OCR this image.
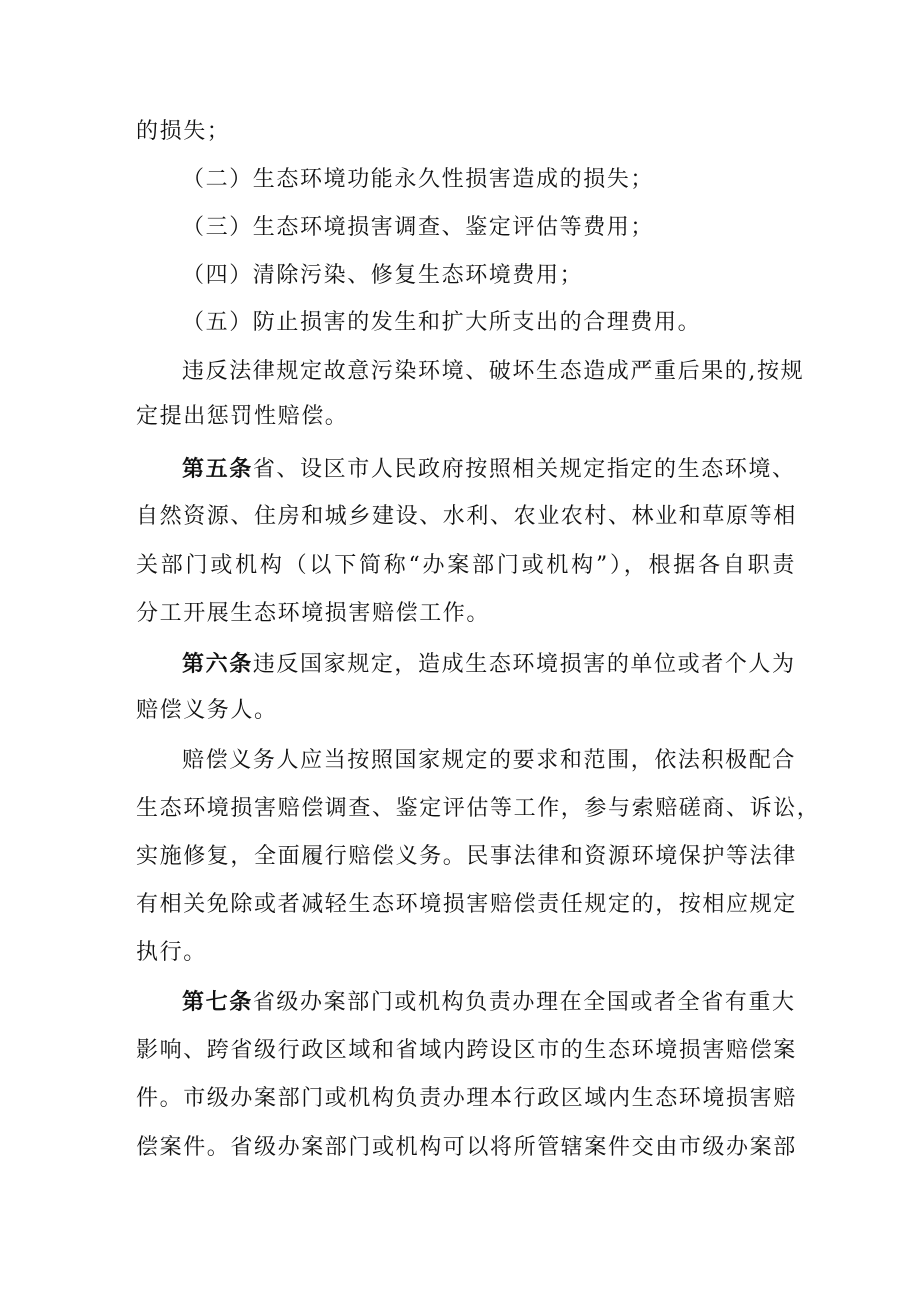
的损失；
（二）生态环境功能永久性损害造成的损失；
（三）生态环境损害调查、鉴定评估等费用；
（四）清除污染、修复生态环境费用；
（五）防止损害的发生和扩大所支出的合理费用。
违反法律规定故意污染环境、破坏生态造成严重后果的,按规
定提出惩罚性赔偿。
第五条省、设区市人民政府按照相关规定指定的生态环境、
自然资源、住房和城乡建设、水利、农业农村、林业和草原等相
关部门或机构（以下简称“办案部门或机构”），根据各自职责
分工开展生态环境损害赔偿工作。
第六条违反国家规定，造成生态环境损害的单位或者个人为
赔偿义务人。
赔偿义务人应当按照国家规定的要求和范围，依法积极配合
生态环境损害赔偿调查、鉴定评估等工作，参与索赔磋商、诉讼，
实施修复，全面履行赔偿义务。民事法律和资源环境保护等法律
有相关免除或者减轻生态环境损害赔偿责任规定的，按相应规定
执行。
第七条省级办案部门或机构负责办理在全国或者全省有重大
影响、跨省级行政区域和省域内跨设区市的生态环境损害赔偿案
件。市级办案部门或机构负责办理本行政区域内生态环境损害赔
偿案件。省级办案部门或机构可以将所管辖案件交由市级办案部
